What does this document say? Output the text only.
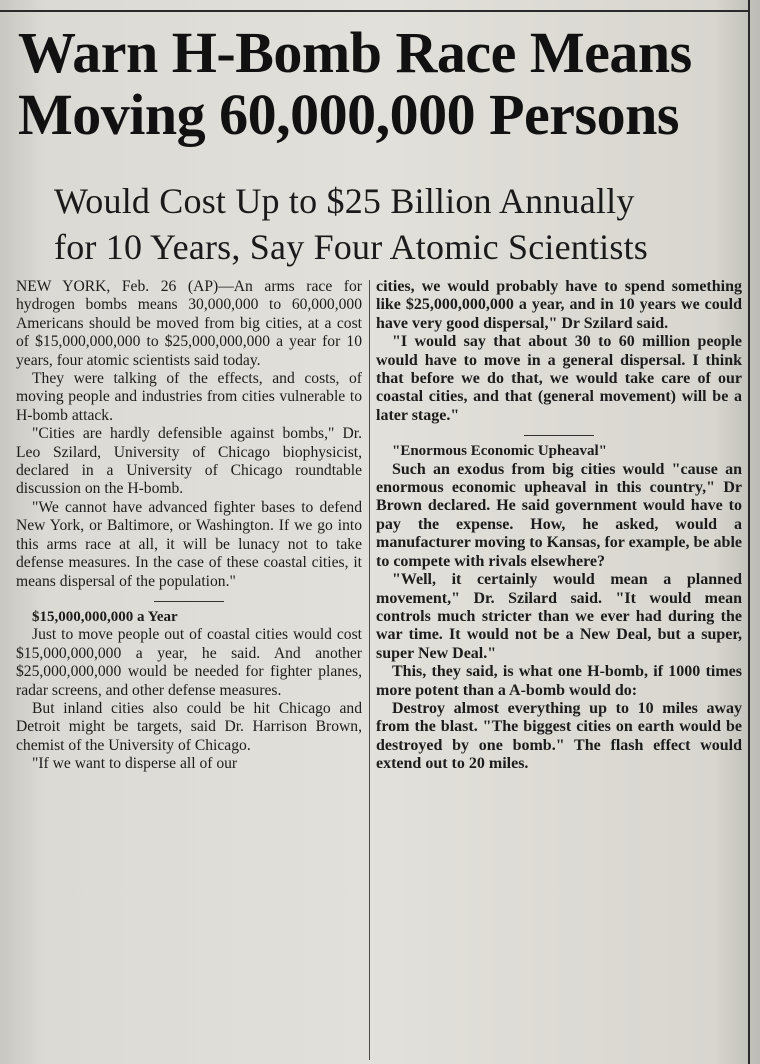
Warn H-Bomb Race Means
Moving 60,000,000 Persons
Would Cost Up to $25 Billion Annually
for 10 Years, Say Four Atomic Scientists

NEW YORK, Feb. 26 (AP)—An arms race for hydrogen bombs means 30,000,000 to 60,000,000 Americans should be moved from big cities, at a cost of $15,000,000,000 to $25,000,000,000 a year for 10 years, four atomic scientists said today.

They were talking of the effects, and costs, of moving people and industries from cities vulnerable to H-bomb attack.

"Cities are hardly defensible against bombs," Dr. Leo Szilard, University of Chicago biophysicist, declared in a University of Chicago roundtable discussion on the H-bomb.

"We cannot have advanced fighter bases to defend New York, or Baltimore, or Washington. If we go into this arms race at all, it will be lunacy not to take defense measures. In the case of these coastal cities, it means dispersal of the population."

$15,000,000,000 a Year

Just to move people out of coastal cities would cost $15,000,000,000 a year, he said. And another $25,000,000,000 would be needed for fighter planes, radar screens, and other defense measures.

But inland cities also could be hit Chicago and Detroit might be targets, said Dr. Harrison Brown, chemist of the University of Chicago.

"If we want to disperse all of our

cities, we would probably have to spend something like $25,000,000,000 a year, and in 10 years we could have very good dispersal," Dr Szilard said.

"I would say that about 30 to 60 million people would have to move in a general dispersal. I think that before we do that, we would take care of our coastal cities, and that (general movement) will be a later stage."

"Enormous Economic Upheaval"

Such an exodus from big cities would "cause an enormous economic upheaval in this country," Dr Brown declared. He said government would have to pay the expense. How, he asked, would a manufacturer moving to Kansas, for example, be able to compete with rivals elsewhere?

"Well, it certainly would mean a planned movement," Dr. Szilard said. "It would mean controls much stricter than we ever had during the war time. It would not be a New Deal, but a super, super New Deal."

This, they said, is what one H-bomb, if 1000 times more potent than a A-bomb would do:

Destroy almost everything up to 10 miles away from the blast. "The biggest cities on earth would be destroyed by one bomb." The flash effect would extend out to 20 miles.
